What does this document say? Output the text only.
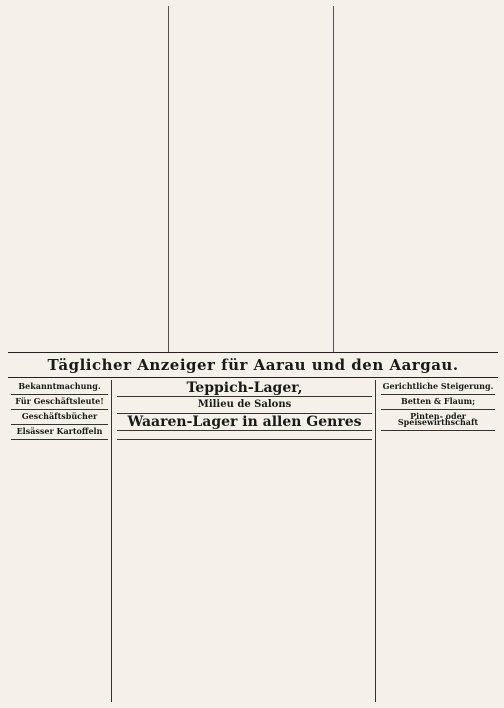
Täglicher Anzeiger für Aarau und den Aargau.
Bekanntmachung.
Für Geschäftsleute!
Geschäftsbücher
Elsässer Kartoffeln
Teppich-Lager,
Milieu de Salons
Waaren-Lager in allen Genres
Gerichtliche Steigerung.
Betten & Flaum;
Pinten- oder Speisewirthschaft
